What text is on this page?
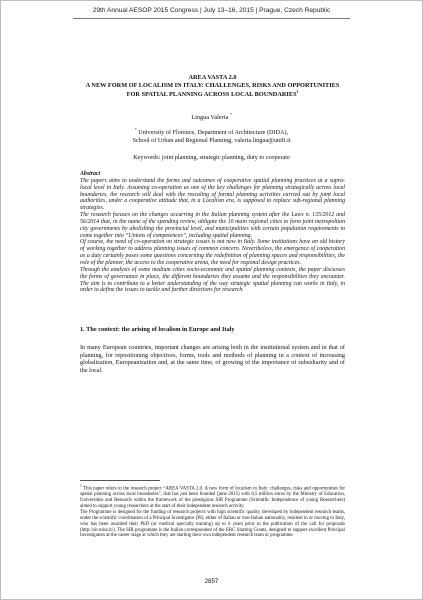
29th Annual AESOP 2015 Congress | July 13–16, 2015 | Prague, Czech Republic
AREA VASTA 2.0
A NEW FORM OF LOCALISM IN ITALY: CHALLENGES, RISKS AND OPPORTUNITIES
FOR SPATIAL PLANNING ACROSS LOCAL BOUNDARIES$^1$
Lingua Valeria *
* University of Florence, Department of Architecture (DIDA),
School of Urban and Regional Planning, valeria.lingua@unifi.it
Keywords: joint planning, strategic planning, duty to cooperate
Abstract

The papers aims to understand the forms and outcomes of cooperative spatial planning practices at a supra-local level in Italy. Assuming co-operation as one of the key challenges for planning strategically across local boundaries, the research will deal with the rescaling of formal planning activities carried out by joint local authorities, under a cooperative attitude that, in a Localism era, is supposed to replace sub-regional planning strategies.

The research focuses on the changes occurring in the Italian planning system after the Laws n. 135/2012 and 56/2014 that, in the name of the spending review, obligate the 10 main regional cities to form joint metropolitan city governments by abolishing the provincial level, and municipalities with certain population requirements to come together into “Unions of competences”, including spatial planning.

Of course, the need of co-operation on strategic issues is not new in Italy. Some institutions have an old history of working together to address planning issues of common concern. Nevertheless, the emergence of cooperation as a duty certainly poses some questions concerning the redefinition of planning spaces and responsibilities, the role of the planner, the access to the cooperative arena, the need for regional design practices.

Through the analysis of some medium cities socio-economic and spatial planning contexts, the paper discusses the forms of governance in place, the different boundaries they assume and the responsibilities they encounter. The aim is to contribute to a better understanding of the way strategic spatial planning can works in Italy, in order to define the issues to tackle and further directions for research.

1. The context: the arising of localism in Europe and Italy

In many European countries, important changes are arising both in the institutional system and in that of planning, for repositioning objectives, forms, tools and methods of planning in a context of increasing globalization, Europeanization and, at the same time, of growing of the importance of subsidiarity and of the local.

$^1$ This paper refers to the research project “AREA VASTA 2.0. A new form of localism in Italy: challenges, risks and opportunities for spatial planning across local boundaries”, that has just been founded (june 2015) with 8,5 million euros by the Ministry of Education, Universities and Research within the framework of the prestigious SIR Programme (Scientific Independence of young Researchers) aimed to support young researchers at the start of their independent research activity.

The Programme is designed for the funding of research projects with high scientific quality, developed by independent research teams, under the scientific coordination of a Principal Investigator (PI), either of Italian or non-Italian nationality, resident in or moving to Italy, who has been awarded their PhD (or medical specialty training) up to 6 years prior to the publication of the call for proposals (http://sir.miur.it/). The SIR programme is the Italian correspondent of the ERC Starting Grants, designed to support excellent Principal Investigators at the career stage at which they are starting their own independent research team or programme.

2857
